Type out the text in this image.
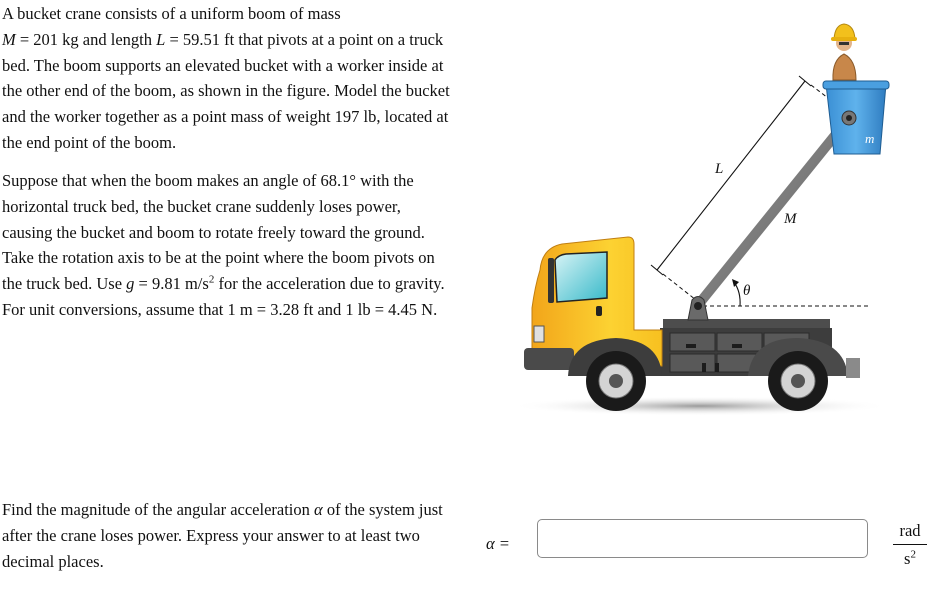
A bucket crane consists of a uniform boom of mass
M = 201 kg and length L = 59.51 ft that pivots at a point on a truck bed. The boom supports an elevated bucket with a worker inside at the other end of the boom, as shown in the figure. Model the bucket and the worker together as a point mass of weight 197 lb, located at the end point of the boom.

Suppose that when the boom makes an angle of 68.1° with the horizontal truck bed, the bucket crane suddenly loses power, causing the bucket and boom to rotate freely toward the ground. Take the rotation axis to be at the point where the boom pivots on the truck bed. Use g = 9.81 $m/s^2$ for the acceleration due to gravity. For unit conversions, assume that 1 m = 3.28 ft and 1 lb = 4.45 N.

L
M
θ
m

Find the magnitude of the angular acceleration α of the system just after the crane loses power. Express your answer to at least two decimal places.

α =
rad
$s^2$
